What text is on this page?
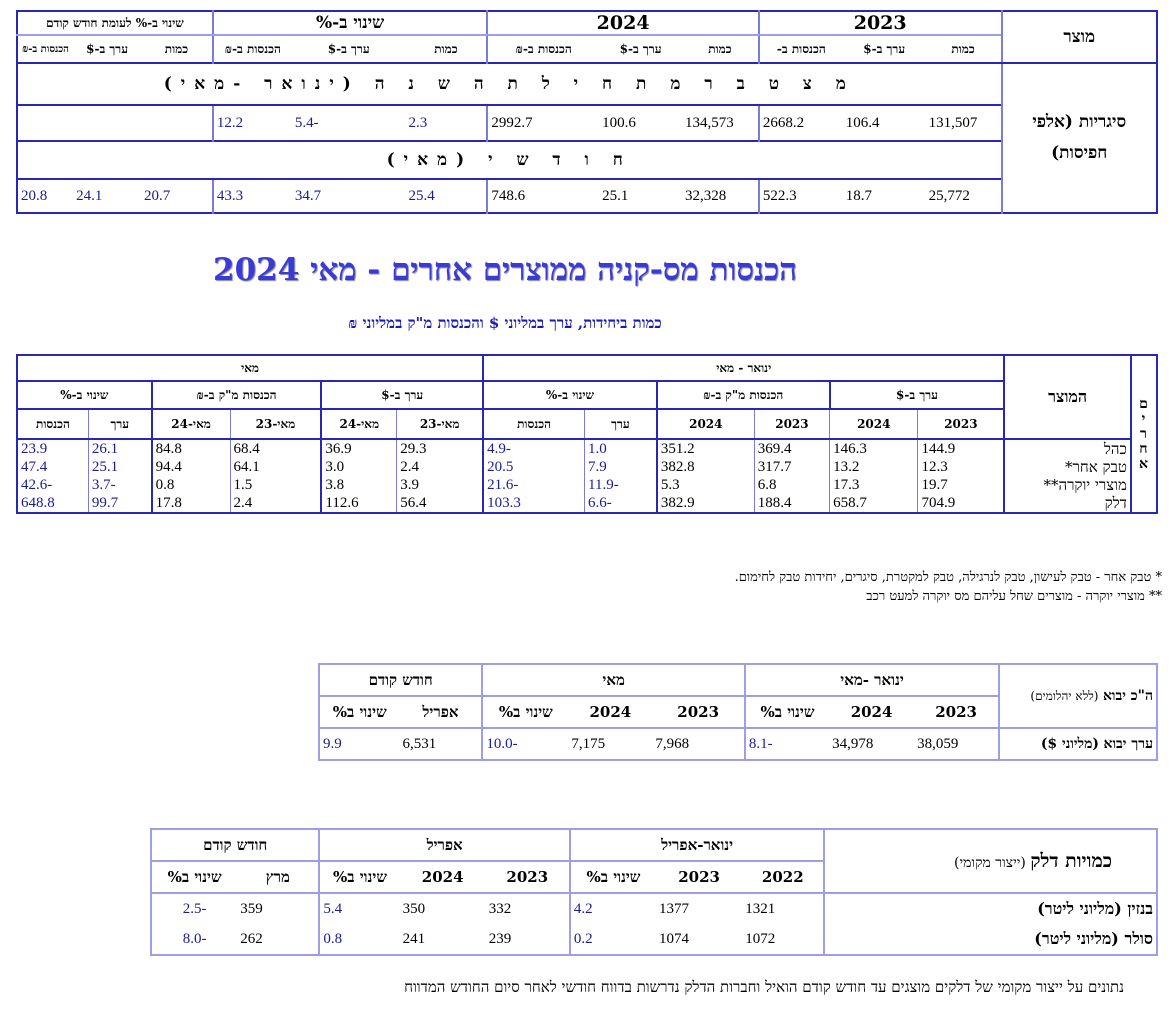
מוצר	2023			2024			שינוי ב-%			שינוי ב-% לעומת חודש קודם		
	כמות	ערך ב-$	הכנסות ב-	כמות	ערך ב-$	הכנסות ב-₪	כמות	ערך ב-$	הכנסות ב-₪	כמות	ערך ב-$	הכנסות ב-₪
סיגריות (אלפי חפיסות)	מ צ ט ב ר מ ת ח י ל ת ה ש נ ה (ינואר -מאי)											
	131,507	106.4	2668.2	134,573	100.6	2992.7	2.3	-5.4	12.2			
	ח ו ד ש י (מאי)											
	25,772	18.7	522.3	32,328	25.1	748.6	25.4	34.7	43.3	20.7	24.1	20.8
הכנסות מס-קניה ממוצרים אחרים - מאי 2024
כמות ביחידות, ערך במליוני $ והכנסות מ"ק במליוני ₪
אחרים	המוצר	ינואר - מאי						מאי					
		ערך ב-$		הכנסות מ"ק ב-₪		שינוי ב-%		ערך ב-$		הכנסות מ"ק ב-₪		שינוי ב-%	
		2023	2024	2023	2024	ערך	הכנסות	מאי-23	מאי-24	מאי-23	מאי-24	ערך	הכנסות
	כהל	144.9	146.3	369.4	351.2	1.0	-4.9	29.3	36.9	68.4	84.8	26.1	23.9
	טבק אחר*	12.3	13.2	317.7	382.8	7.9	20.5	2.4	3.0	64.1	94.4	25.1	47.4
	מוצרי יוקרה**	19.7	17.3	6.8	5.3	-11.9	-21.6	3.9	3.8	1.5	0.8	-3.7	-42.6
	דלק	704.9	658.7	188.4	382.9	-6.6	103.3	56.4	112.6	2.4	17.8	99.7	648.8
* טבק אחר - טבק לעישון, טבק לנרגילה, טבק למקטרת, סיגרים, יחידות טבק לחימום.
** מוצרי יוקרה - מוצרים שחל עליהם מס יוקרה למעט רכב
ה"כ יבוא (ללא יהלומים)	ינואר -מאי			מאי			חודש קודם	
	2023	2024	שינוי ב%	2023	2024	שינוי ב%	אפריל	שינוי ב%
ערך יבוא (מליוני $)	38,059	34,978	-8.1	7,968	7,175	-10.0	6,531	9.9
כמויות דלק (ייצור מקומי)	ינואר-אפריל			אפריל			חודש קודם	
	2022	2023	שינוי ב%	2023	2024	שינוי ב%	מרץ	שינוי ב%
בנזין (מליוני ליטר)	1321	1377	4.2	332	350	5.4	359	-2.5
סולר (מליוני ליטר)	1072	1074	0.2	239	241	0.8	262	-8.0
נתונים על ייצור מקומי של דלקים מוצגים עד חודש קודם הואיל וחברות הדלק נדרשות בדווח חודשי לאחר סיום החודש המדווח
